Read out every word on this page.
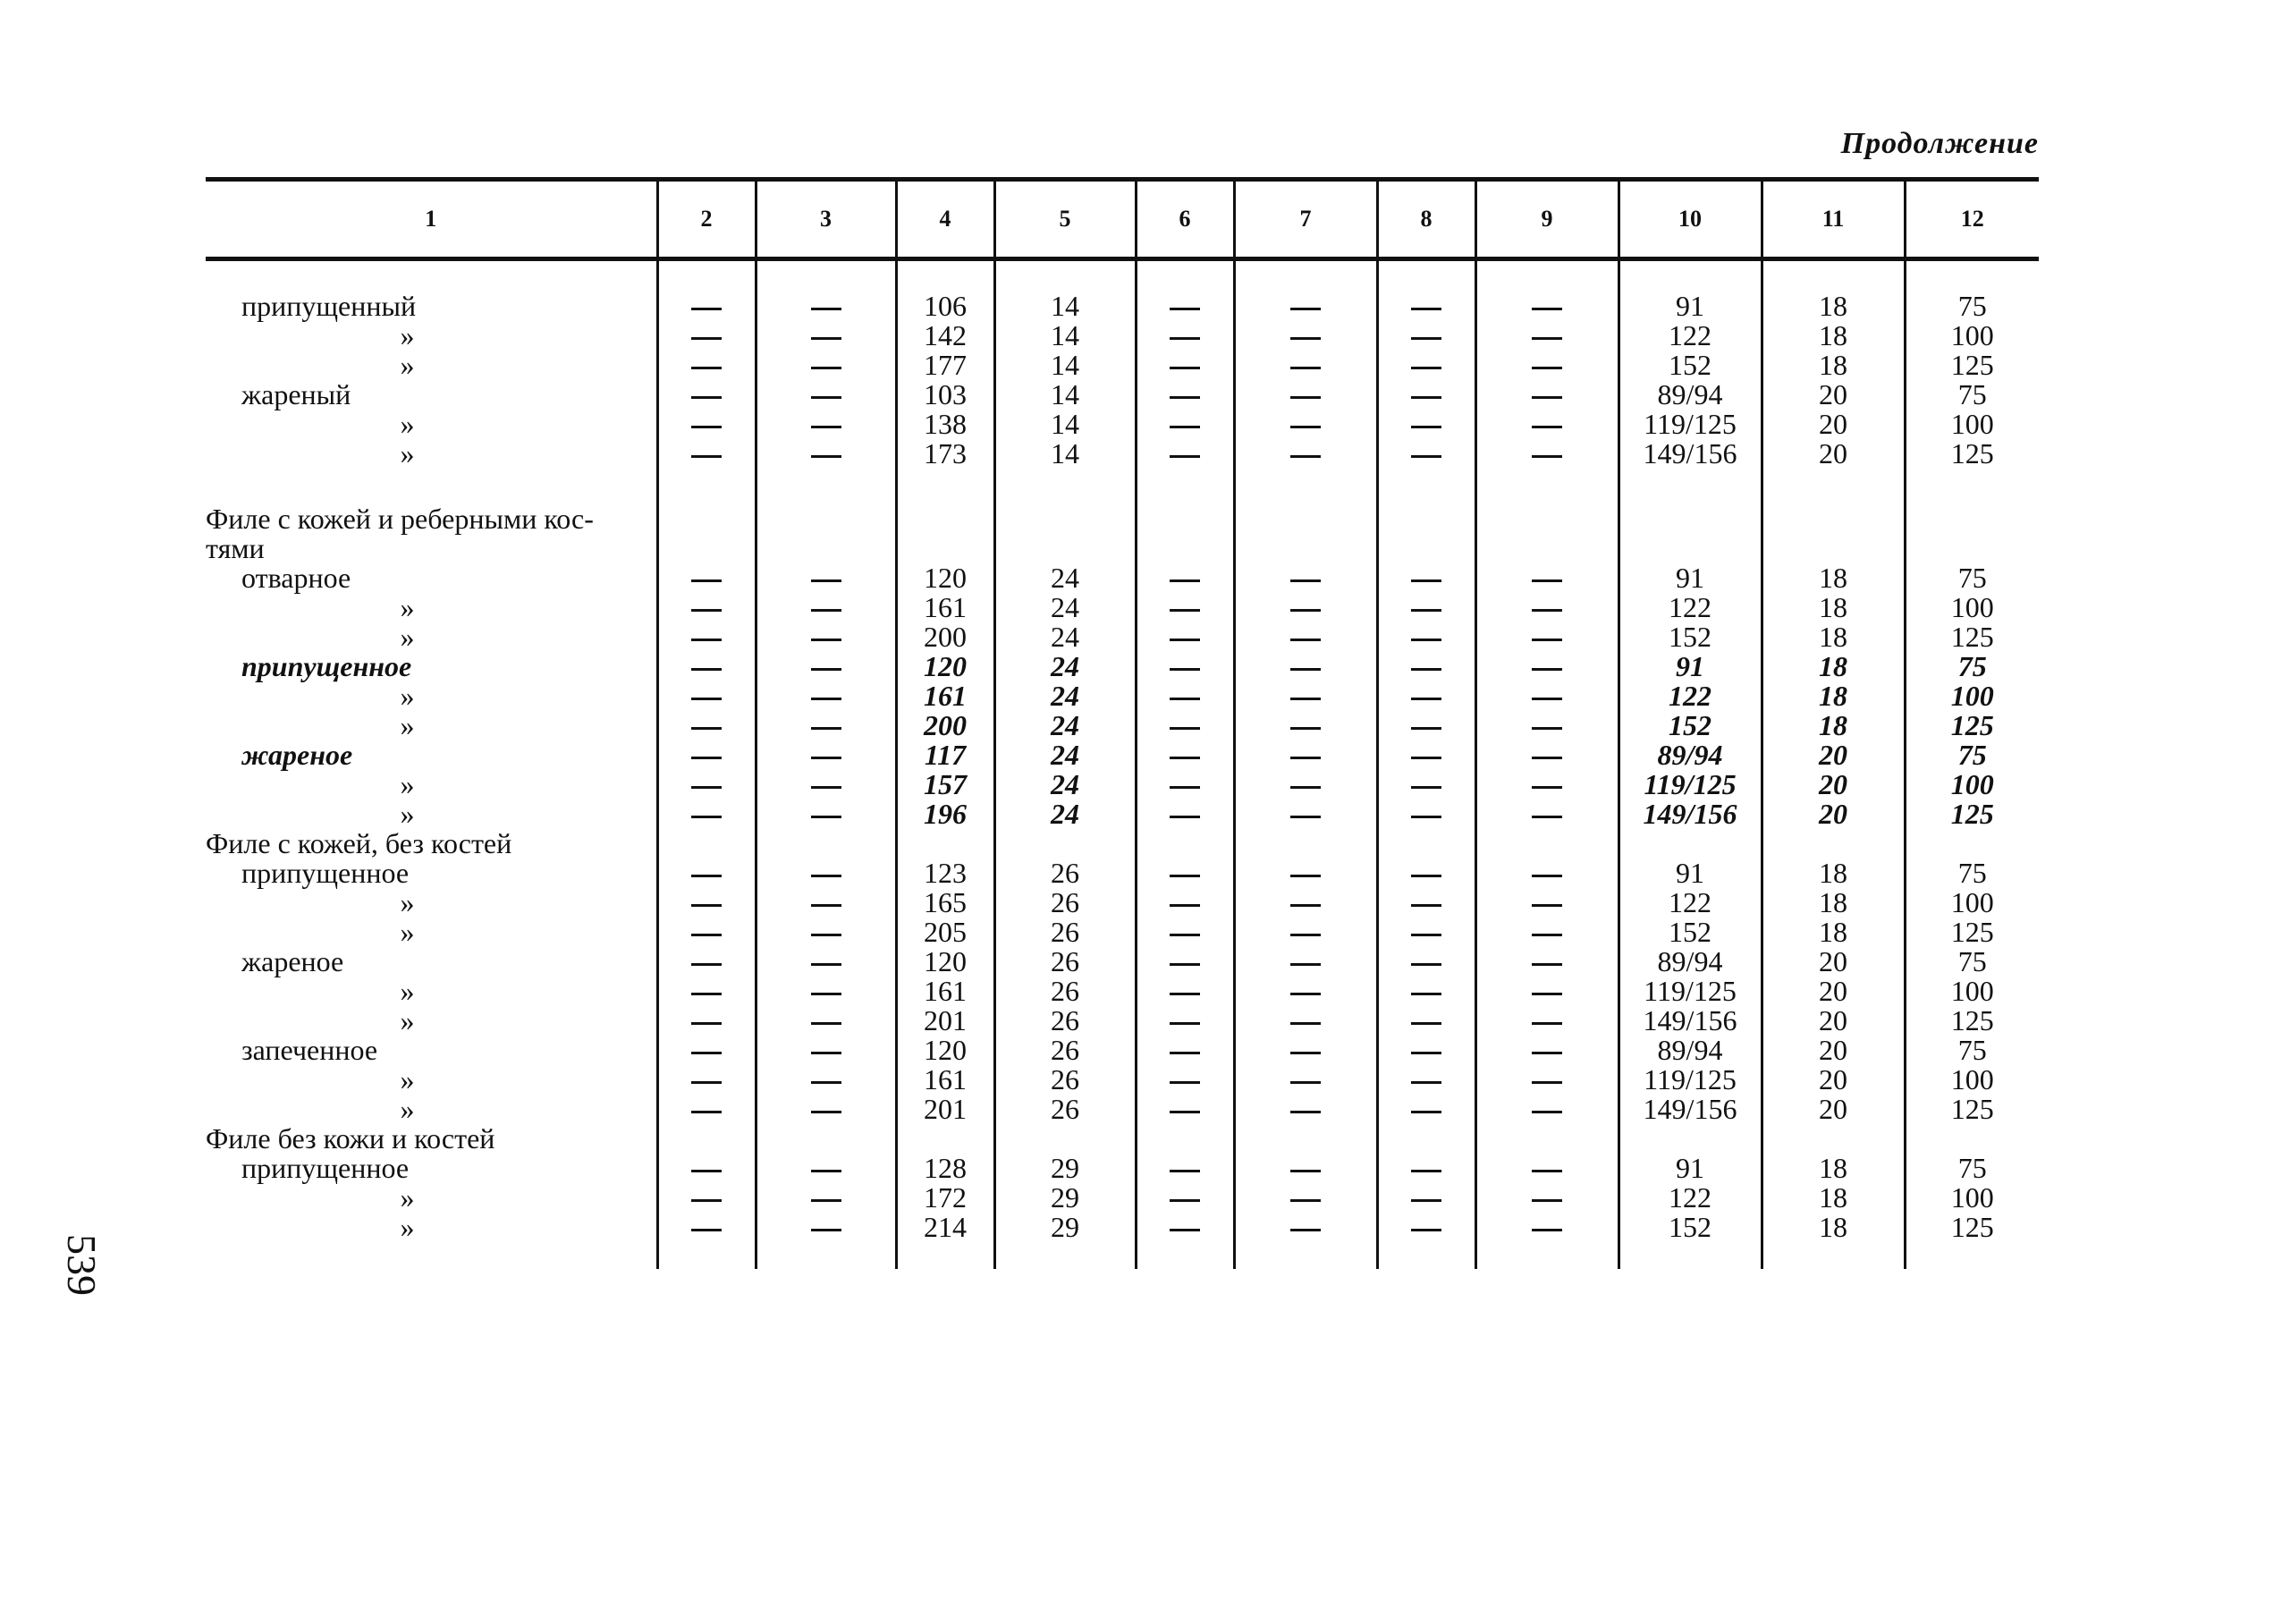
Продолжение
539
1	2	3	4	5	6	7	8	9	10	11	12
припущенный			106	14					91	18	75
»			142	14					122	18	100
»			177	14					152	18	125
жареный			103	14					89/94	20	75
»			138	14					119/125	20	100
»			173	14					149/156	20	125

Филе с кожей и реберными кос-											
тями											
отварное			120	24					91	18	75
»			161	24					122	18	100
»			200	24					152	18	125
припущенное			120	24					91	18	75
»			161	24					122	18	100
»			200	24					152	18	125
жареное			117	24					89/94	20	75
»			157	24					119/125	20	100
»			196	24					149/156	20	125
Филе с кожей, без костей											
припущенное			123	26					91	18	75
»			165	26					122	18	100
»			205	26					152	18	125
жареное			120	26					89/94	20	75
»			161	26					119/125	20	100
»			201	26					149/156	20	125
запеченное			120	26					89/94	20	75
»			161	26					119/125	20	100
»			201	26					149/156	20	125
Филе без кожи и костей											
припущенное			128	29					91	18	75
»			172	29					122	18	100
»			214	29					152	18	125
